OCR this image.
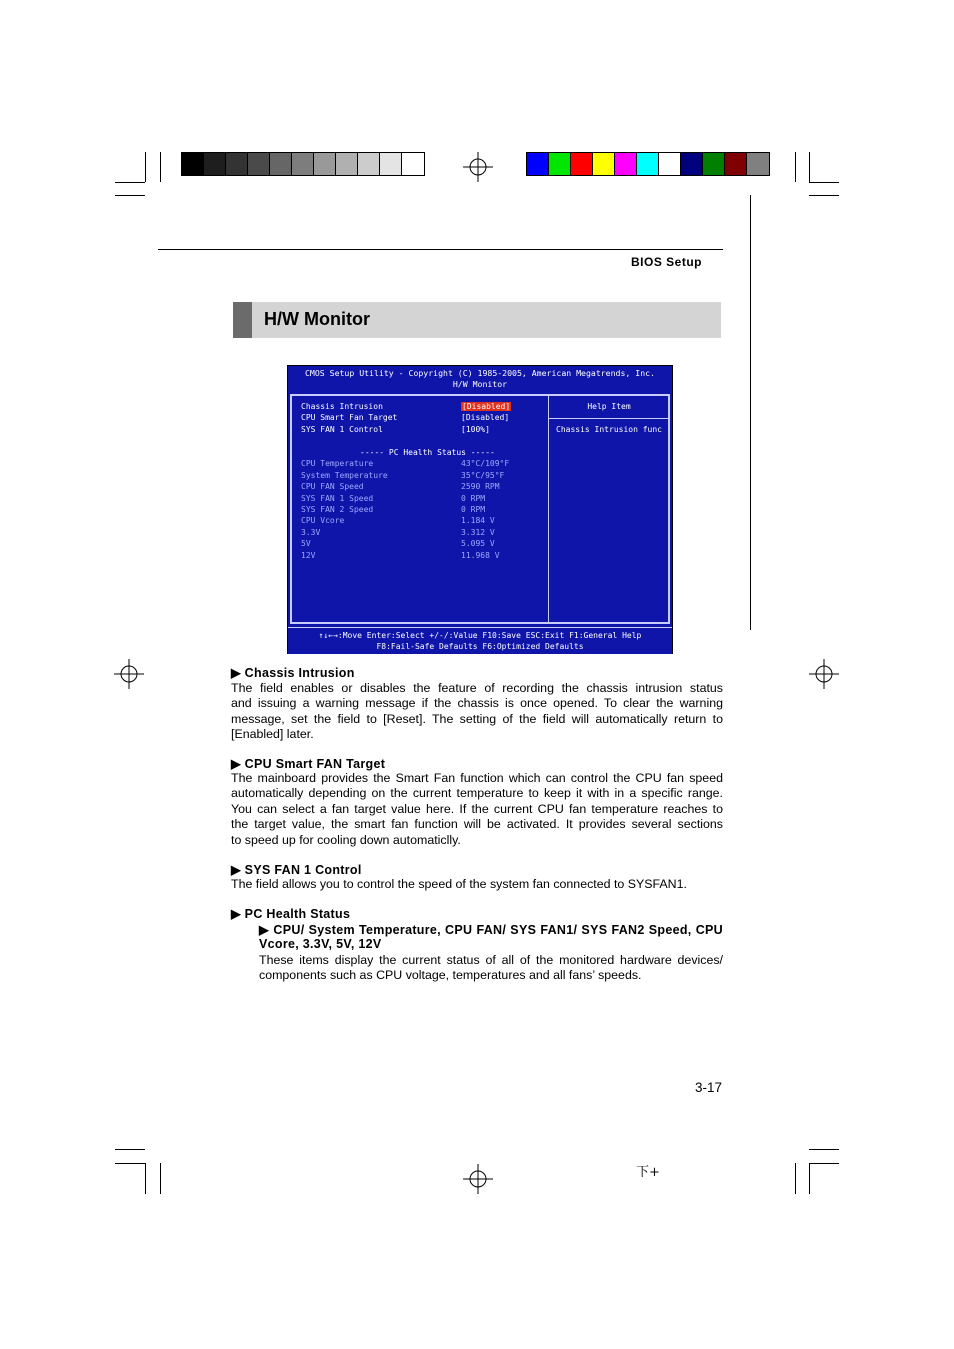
BIOS Setup
H/W Monitor
CMOS Setup Utility - Copyright (C) 1985-2005, American Megatrends, Inc.
H/W Monitor
Chassis Intrusion	[Disabled]
CPU Smart Fan Target	[Disabled]
SYS FAN 1 Control	[100%]
----- PC Health Status -----
CPU Temperature	43°C/109°F
System Temperature	35°C/95°F
CPU FAN Speed	2590 RPM
SYS FAN 1 Speed	0 RPM
SYS FAN 2 Speed	0 RPM
CPU Vcore	1.184 V
3.3V	3.312 V
5V	5.095 V
12V	11.968 V
Help Item
Chassis Intrusion func
↑↓←→:Move Enter:Select +/-/:Value F10:Save ESC:Exit F1:General Help
F8:Fail-Safe Defaults F6:Optimized Defaults
▶ Chassis Intrusion
The field enables or disables the feature of recording the chassis intrusion status
and issuing a warning message if the chassis is once opened. To clear the warning
message, set the field to [Reset]. The setting of the field will automatically return to
[Enabled] later.
▶ CPU Smart FAN Target
The mainboard provides the Smart Fan function which can control the CPU fan speed
automatically depending on the current temperature to keep it with in a specific range.
You can select a fan target value here. If the current CPU fan temperature reaches to
the target value, the smart fan function will be activated. It provides several sections
to speed up for cooling down automaticlly.
▶ SYS FAN 1 Control
The field allows you to control the speed of the system fan connected to SYSFAN1.
▶ PC Health Status
▶ CPU/ System Temperature, CPU FAN/ SYS FAN1/ SYS FAN2 Speed, CPU
Vcore, 3.3V, 5V, 12V
These items display the current status of all of the monitored hardware devices/
components such as CPU voltage, temperatures and all fans’ speeds.
3-17
下+
